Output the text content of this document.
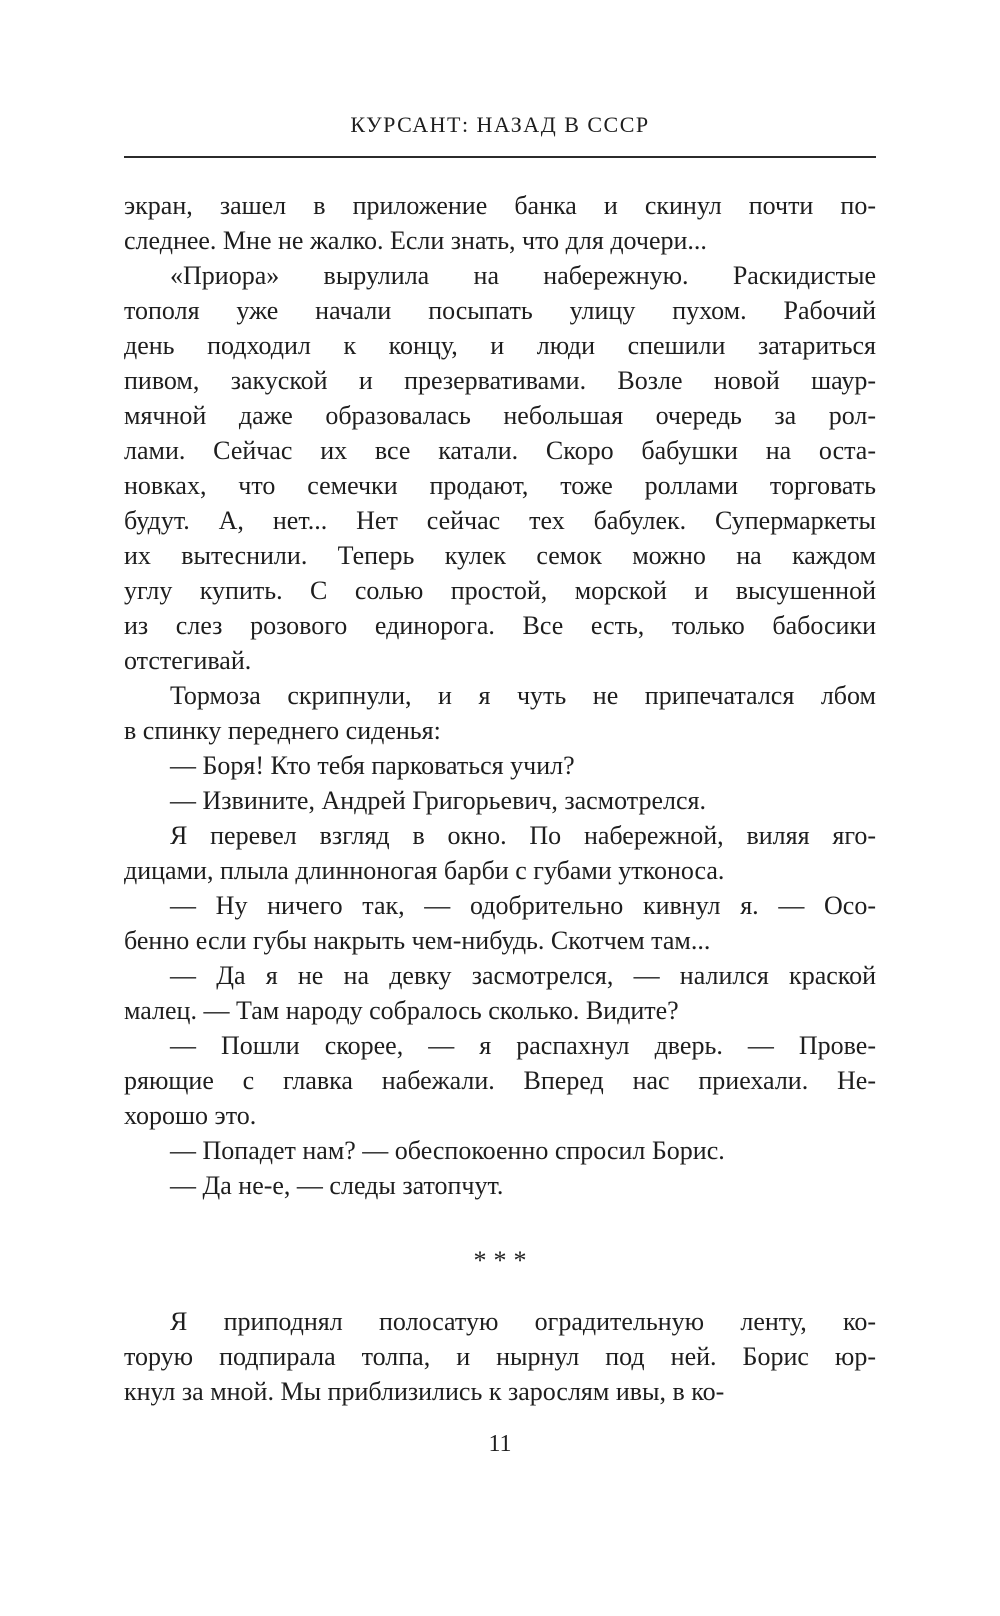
КУРСАНТ: НАЗАД В СССР
экран, зашел в приложение банка и скинул почти по-
следнее. Мне не жалко. Если знать, что для дочери...
«Приора» вырулила на набережную. Раскидистые
тополя уже начали посыпать улицу пухом. Рабочий
день подходил к концу, и люди спешили затариться
пивом, закуской и презервативами. Возле новой шаур-
мячной даже образовалась небольшая очередь за рол-
лами. Сейчас их все катали. Скоро бабушки на оста-
новках, что семечки продают, тоже роллами торговать
будут. А, нет... Нет сейчас тех бабулек. Супермаркеты
их вытеснили. Теперь кулек семок можно на каждом
углу купить. С солью простой, морской и высушенной
из слез розового единорога. Все есть, только бабосики
отстегивай.
Тормоза скрипнули, и я чуть не припечатался лбом
в спинку переднего сиденья:
— Боря! Кто тебя парковаться учил?
— Извините, Андрей Григорьевич, засмотрелся.
Я перевел взгляд в окно. По набережной, виляя яго-
дицами, плыла длинноногая барби с губами утконоса.
— Ну ничего так, — одобрительно кивнул я. — Осо-
бенно если губы накрыть чем-нибудь. Скотчем там...
— Да я не на девку засмотрелся, — налился краской
малец. — Там народу собралось сколько. Видите?
— Пошли скорее, — я распахнул дверь. — Прове-
ряющие с главка набежали. Вперед нас приехали. Не-
хорошо это.
— Попадет нам? — обеспокоенно спросил Борис.
— Да не-е, — следы затопчут.
***
Я приподнял полосатую оградительную ленту, ко-
торую подпирала толпа, и нырнул под ней. Борис юр-
кнул за мной. Мы приблизились к зарослям ивы, в ко-
11
